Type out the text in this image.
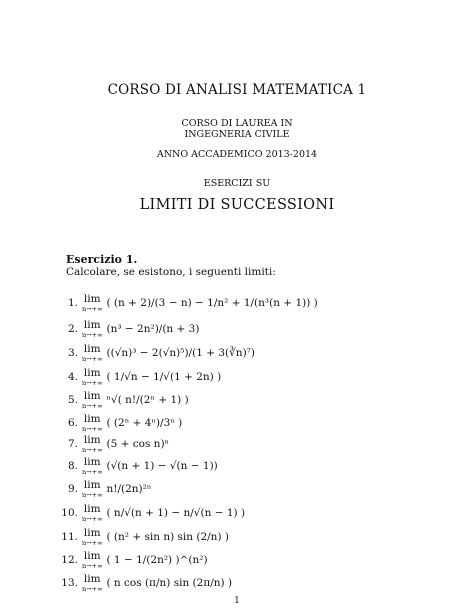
CORSO DI ANALISI MATEMATICA 1
CORSO DI LAUREA IN
INGEGNERIA CIVILE
ANNO ACCADEMICO 2013-2014
ESERCIZI SU
LIMITI DI SUCCESSIONI
Esercizio 1.
Calcolare, se esistono, i seguenti limiti:
1. lim
n→+∞ ( (n + 2)/(3 − n) − 1/n² + 1/(n³(n + 1)) )
2. lim
n→+∞ (n³ − 2n²)/(n + 3)
3. lim
n→+∞ ((√n)³ − 2(√n)⁵)/(1 + 3(∛n)⁷)
4. lim
n→+∞ ( 1/√n − 1/√(1 + 2n) )
5. lim
n→+∞ ⁿ√( n!/(2ⁿ + 1) )
6. lim
n→+∞ ( (2ⁿ + 4ⁿ)/3ⁿ )
7. lim
n→+∞ (5 + cos n)ⁿ
8. lim
n→+∞ (√(n + 1) − √(n − 1))
9. lim
n→+∞ n!/(2n)²ⁿ
10. lim
n→+∞ ( n/√(n + 1) − n/√(n − 1) )
11. lim
n→+∞ ( (n² + sin n) sin (2/n) )
12. lim
n→+∞ ( 1 − 1/(2n²) )^(n²)
13. lim
n→+∞ ( n cos (π/n) sin (2π/n) )
1
